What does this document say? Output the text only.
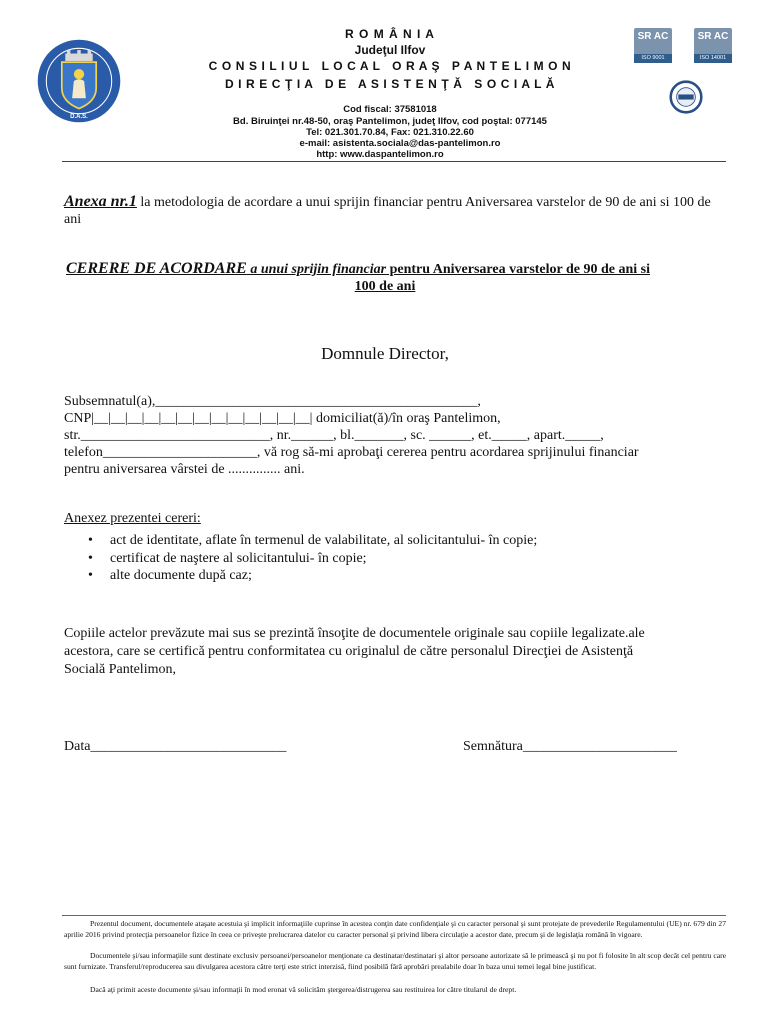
D.A.S.
R O M Â N I A
Judeţul Ilfov
C O N S I L I U L   L O C A L   O R A Ş   P A N T E L I M O N
D I R E C Ţ I A   D E   A S I S T E N Ţ Ă   S O C I A L Ă
Cod fiscal: 37581018
Bd. Biruinţei nr.48-50, oraş Pantelimon, judeţ Ilfov, cod poştal: 077145
Tel: 021.301.70.84, Fax: 021.310.22.60
e-mail: asistenta.sociala@das-pantelimon.ro
http: www.daspantelimon.ro
SR AC
ISO 9001
SR AC
ISO 14001
Anexa nr.1 la metodologia de acordare a unui sprijin financiar pentru Aniversarea varstelor de 90 de ani si 100 de ani
CERERE DE ACORDARE a unui sprijin financiar pentru Aniversarea varstelor de 90 de ani si
100 de ani
Domnule Director,
Subsemnatul(a),______________________________________________,
CNP|__|__|__|__|__|__|__|__|__|__|__|__|__| domiciliat(ă)/în oraş Pantelimon,
str.___________________________, nr.______, bl._______, sc. ______, et._____, apart._____,
telefon______________________, vă rog să-mi aprobaţi cererea pentru acordarea sprijinului financiar
pentru aniversarea vârstei de ............... ani.
Anexez prezentei cereri:
• act de identitate, aflate în termenul de valabilitate, al solicitantului- în copie;
• certificat de naştere al solicitantului- în copie;
• alte documente după caz;
Copiile actelor prevăzute mai sus se prezintă însoţite de documentele originale sau copiile legalizate.ale
acestora, care se certifică pentru conformitatea cu originalul de către personalul Direcţiei de Asistenţă
Socială Pantelimon,
Data____________________________	Semnătura______________________
Prezentul document, documentele ataşate acestuia şi implicit informaţiile cuprinse în acestea conţin date confidenţiale şi cu caracter personal şi sunt protejate de prevederile Regulamentului (UE) nr. 679 din 27 aprilie 2016 privind protecţia persoanelor fizice în ceea ce priveşte prelucrarea datelor cu caracter personal şi privind libera circulaţie a acestor date, precum şi de legislaţia română în vigoare.
Documentele şi/sau informaţiile sunt destinate exclusiv persoanei/persoanelor menţionate ca destinatar/destinatari şi altor persoane autorizate să le primească şi nu pot fi folosite în alt scop decât cel pentru care sunt furnizate. Transferul/reproducerea sau divulgarea acestora către terţi este strict interzisă, fiind posibilă fără aprobări prealabile doar în baza unui temei legal bine justificat.
Dacă aţi primit aceste documente şi/sau informaţii în mod eronat vă solicităm ştergerea/distrugerea sau restituirea lor către titularul de drept.
